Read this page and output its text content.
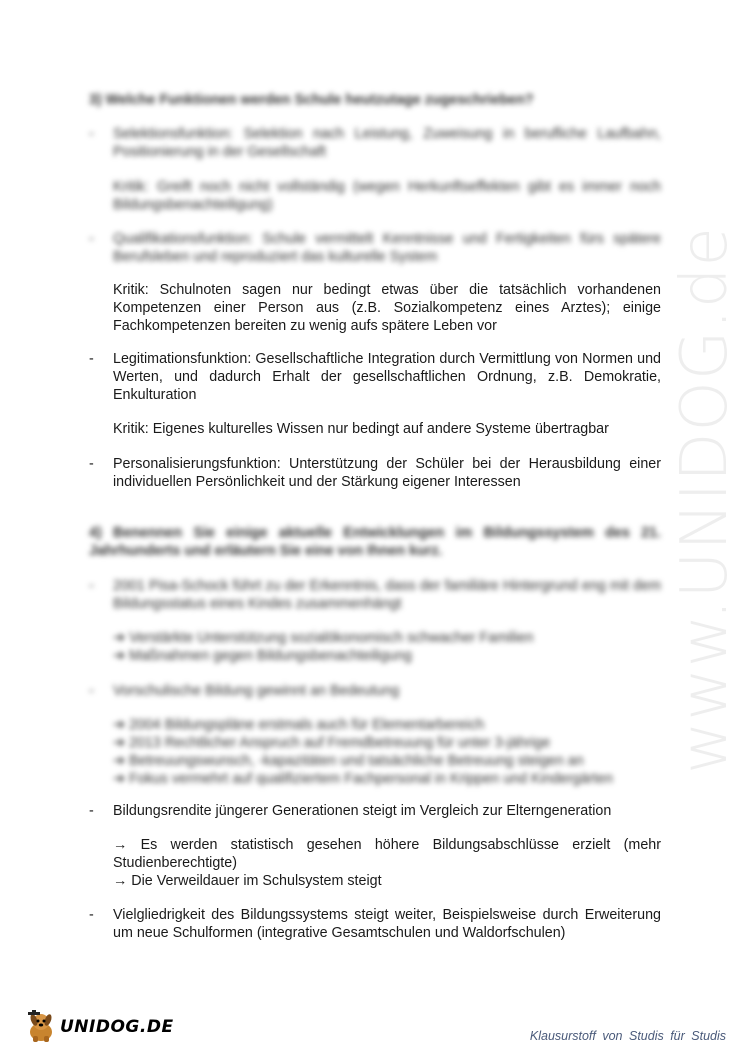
www.UNIDOG.de
3) Welche Funktionen werden Schule heutzutage zugeschrieben?
- Selektionsfunktion: Selektion nach Leistung, Zuweisung in berufliche Laufbahn, Positionierung in der Gesellschaft
Kritik: Greift noch nicht vollständig (wegen Herkunftseffekten gibt es immer noch Bildungsbenachteiligung)
- Qualifikationsfunktion: Schule vermittelt Kenntnisse und Fertigkeiten fürs spätere Berufsleben und reproduziert das kulturelle System
Kritik: Schulnoten sagen nur bedingt etwas über die tatsächlich vorhandenen Kompetenzen einer Person aus (z.B. Sozialkompetenz eines Arztes); einige Fachkompetenzen bereiten zu wenig aufs spätere Leben vor
- Legitimationsfunktion: Gesellschaftliche Integration durch Vermittlung von Normen und Werten, und dadurch Erhalt der gesellschaftlichen Ordnung, z.B. Demokratie, Enkulturation
Kritik: Eigenes kulturelles Wissen nur bedingt auf andere Systeme übertragbar
- Personalisierungsfunktion: Unterstützung der Schüler bei der Herausbildung einer individuellen Persönlichkeit und der Stärkung eigener Interessen
4) Benennen Sie einige aktuelle Entwicklungen im Bildungssystem des 21. Jahrhunderts und erläutern Sie eine von Ihnen kurz.
- 2001 Pisa-Schock führt zu der Erkenntnis, dass der familiäre Hintergrund eng mit dem Bildungsstatus eines Kindes zusammenhängt
➔ Verstärkte Unterstützung sozialökonomisch schwacher Familien
➔ Maßnahmen gegen Bildungsbenachteiligung
- Vorschulische Bildung gewinnt an Bedeutung
➔ 2004 Bildungspläne erstmals auch für Elementarbereich
➔ 2013 Rechtlicher Anspruch auf Fremdbetreuung für unter 3-jährige
➔ Betreuungswunsch, -kapazitäten und tatsächliche Betreuung steigen an
➔ Fokus vermehrt auf qualifiziertem Fachpersonal in Krippen und Kindergärten
- Bildungsrendite jüngerer Generationen steigt im Vergleich zur Elterngeneration
→ Es werden statistisch gesehen höhere Bildungsabschlüsse erzielt (mehr Studienberechtigte)
→ Die Verweildauer im Schulsystem steigt
- Vielgliedrigkeit des Bildungssystems steigt weiter, Beispielsweise durch Erweiterung um neue Schulformen (integrative Gesamtschulen und Waldorfschulen)
UNIDOG.DE	Klausurstoff von Studis für Studis
